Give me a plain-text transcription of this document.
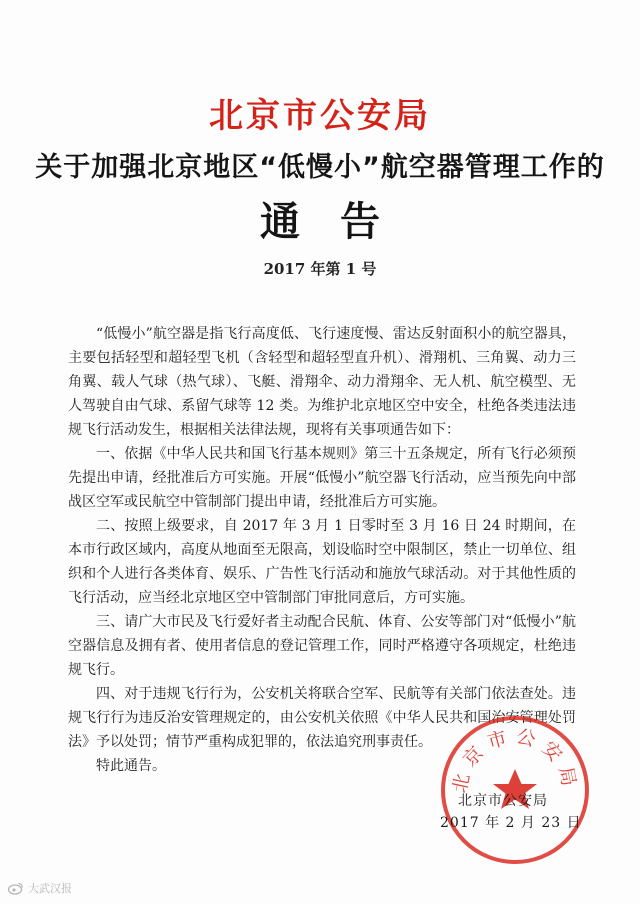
北京市公安局
关于加强北京地区“低慢小”航空器管理工作的
通告
2017 年第 1 号

“低慢小”航空器是指飞行高度低、飞行速度慢、雷达反射面积小的航空器具，主要包括轻型和超轻型飞机（含轻型和超轻型直升机）、滑翔机、三角翼、动力三角翼、载人气球（热气球）、飞艇、滑翔伞、动力滑翔伞、无人机、航空模型、无人驾驶自由气球、系留气球等 12 类。为维护北京地区空中安全，杜绝各类违法违规飞行活动发生，根据相关法律法规，现将有关事项通告如下：

一、依据《中华人民共和国飞行基本规则》第三十五条规定，所有飞行必须预先提出申请，经批准后方可实施。开展“低慢小”航空器飞行活动，应当预先向中部战区空军或民航空中管制部门提出申请，经批准后方可实施。

二、按照上级要求，自 2017 年 3 月 1 日零时至 3 月 16 日 24 时期间，在本市行政区域内，高度从地面至无限高，划设临时空中限制区，禁止一切单位、组织和个人进行各类体育、娱乐、广告性飞行活动和施放气球活动。对于其他性质的飞行活动，应当经北京地区空中管制部门审批同意后，方可实施。

三、请广大市民及飞行爱好者主动配合民航、体育、公安等部门对“低慢小”航空器信息及拥有者、使用者信息的登记管理工作，同时严格遵守各项规定，杜绝违规飞行。

四、对于违规飞行行为，公安机关将联合空军、民航等有关部门依法查处。违规飞行行为违反治安管理规定的，由公安机关依照《中华人民共和国治安管理处罚法》予以处罚；情节严重构成犯罪的，依法追究刑事责任。

特此通告。	北京市公安局
北京市公安局
2017 年 2 月 23 日
大武汉报
